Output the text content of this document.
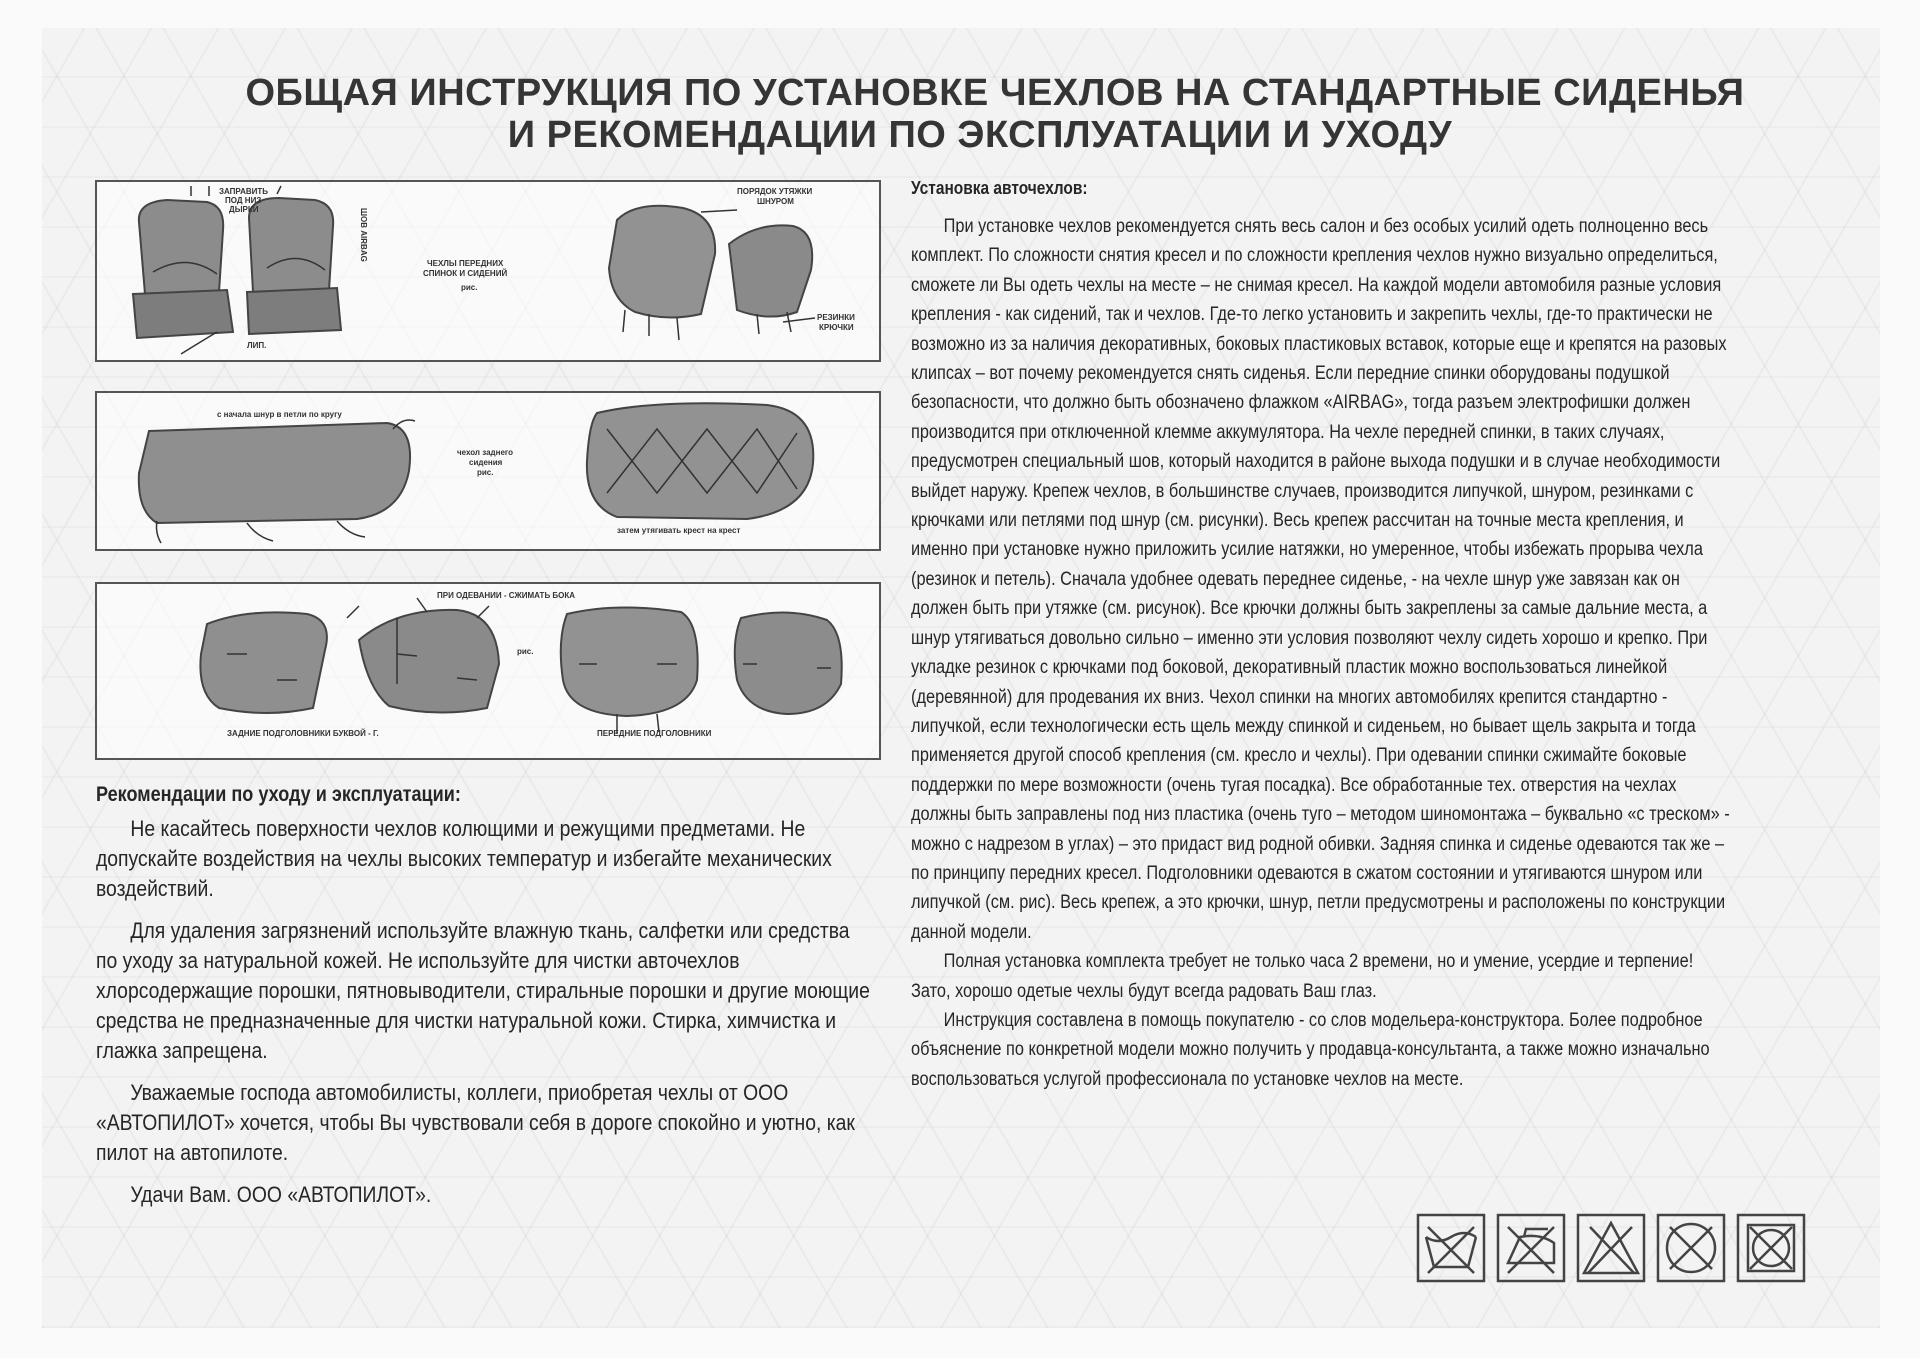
ОБЩАЯ ИНСТРУКЦИЯ ПО УСТАНОВКЕ ЧЕХЛОВ НА СТАНДАРТНЫЕ СИДЕНЬЯ
И РЕКОМЕНДАЦИИ ПО ЭКСПЛУАТАЦИИ И УХОДУ
ЗАПРАВИТЬ
ПОД НИЗ
ДЫРКИ	ШОВ AIRBAG
ЛИП.
ЧЕХЛЫ ПЕРЕДНИХ
СПИНОК И СИДЕНИЙ
рис.
ПОРЯДОК УТЯЖКИ
ШНУРОМ
РЕЗИНКИ
КРЮЧКИ
с начала шнур в петли по кругу
чехол заднего
сидения
рис.
затем утягивать крест на крест
ПРИ ОДЕВАНИИ - СЖИМАТЬ БОКА
рис.
ЗАДНИЕ ПОДГОЛОВНИКИ БУКВОЙ - Г.	ПЕРЕДНИЕ ПОДГОЛОВНИКИ
Рекомендации по уходу и эксплуатации:

Не касайтесь поверхности чехлов колющими и режущими предметами. Не допускайте воздействия на чехлы высоких температур и избегайте механических воздействий.

Для удаления загрязнений используйте влажную ткань, салфетки или средства по уходу за натуральной кожей. Не используйте для чистки авточехлов хлорсодержащие порошки, пятновыводители, стиральные порошки и другие моющие средства не предназначенные для чистки натуральной кожи. Стирка, химчистка и глажка запрещена.

Уважаемые господа автомобилисты, коллеги, приобретая чехлы от ООО «АВТОПИЛОТ» хочется, чтобы Вы чувствовали себя в дороге спокойно и уютно, как пилот на автопилоте.

Удачи Вам. ООО «АВТОПИЛОТ».

Установка авточехлов:

При установке чехлов рекомендуется снять весь салон и без особых усилий одеть полноценно весь комплект. По сложности снятия кресел и по сложности крепления чехлов нужно визуально определиться, сможете ли Вы одеть чехлы на месте – не снимая кресел. На каждой модели автомобиля разные условия крепления - как сидений, так и чехлов. Где-то легко установить и закрепить чехлы, где-то практически не возможно из за наличия декоративных, боковых пластиковых вставок, которые еще и крепятся на разовых клипсах – вот почему рекомендуется снять сиденья. Если передние спинки оборудованы подушкой безопасности, что должно быть обозначено флажком «AIRBAG», тогда разъем электрофишки должен производится при отключенной клемме аккумулятора. На чехле передней спинки, в таких случаях, предусмотрен специальный шов, который находится в районе выхода подушки и в случае необходимости выйдет наружу. Крепеж чехлов, в большинстве случаев, производится липучкой, шнуром, резинками с крючками или петлями под шнур (см. рисунки). Весь крепеж рассчитан на точные места крепления, и именно при установке нужно приложить усилие натяжки, но умеренное, чтобы избежать прорыва чехла (резинок и петель). Сначала удобнее одевать переднее сиденье, - на чехле шнур уже завязан как он должен быть при утяжке (см. рисунок). Все крючки должны быть закреплены за самые дальние места, а шнур утягиваться довольно сильно – именно эти условия позволяют чехлу сидеть хорошо и крепко. При укладке резинок с крючками под боковой, декоративный пластик можно воспользоваться линейкой (деревянной) для продевания их вниз. Чехол спинки на многих автомобилях крепится стандартно - липучкой, если технологически есть щель между спинкой и сиденьем, но бывает щель закрыта и тогда применяется другой способ крепления (см. кресло и чехлы). При одевании спинки сжимайте боковые поддержки по мере возможности (очень тугая посадка). Все обработанные тех. отверстия на чехлах должны быть заправлены под низ пластика (очень туго – методом шиномонтажа – буквально «с треском» - можно с надрезом в углах) – это придаст вид родной обивки. Задняя спинка и сиденье одеваются так же – по принципу передних кресел. Подголовники одеваются в сжатом состоянии и утягиваются шнуром или липучкой (см. рис). Весь крепеж, а это крючки, шнур, петли предусмотрены и расположены по конструкции данной модели.

Полная установка комплекта требует не только часа 2 времени, но и умение, усердие и терпение! Зато, хорошо одетые чехлы будут всегда радовать Ваш глаз.

Инструкция составлена в помощь покупателю - со слов модельера-конструктора. Более подробное объяснение по конкретной модели можно получить у продавца-консультанта, а также можно изначально воспользоваться услугой профессионала по установке чехлов на месте.
